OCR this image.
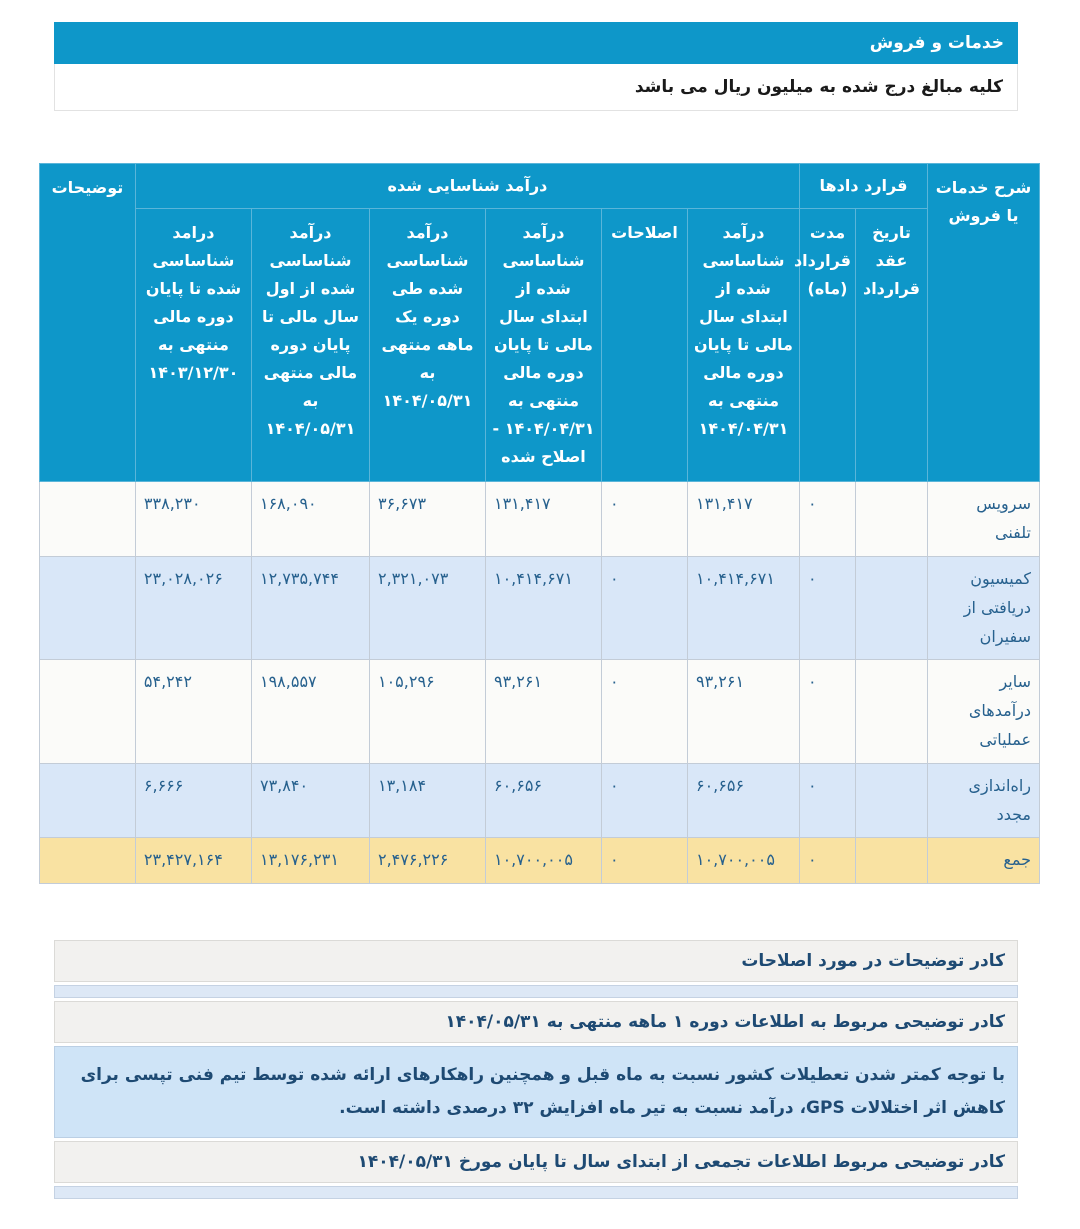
خدمات و فروش
کلیه مبالغ درج شده به میلیون ریال می باشد
شرح خدمات یا فروش	قرارد دادها		درآمد شناسایی شده						توضیحات
	تاریخ عقد قرارداد	مدت قرارداد (ماه)	درآمد شناساسی شده از ابتدای سال مالی تا پایان دوره مالی منتهی به ۱۴۰۴/۰۴/۳۱	اصلاحات	درآمد شناساسی شده از ابتدای سال مالی تا پایان دوره مالی منتهی به ۱۴۰۴/۰۴/۳۱ - اصلاح شده	درآمد شناساسی شده طی دوره یک ماهه منتهی به ۱۴۰۴/۰۵/۳۱	درآمد شناساسی شده از اول سال مالی تا پایان دوره مالی منتهی به ۱۴۰۴/۰۵/۳۱	درامد شناساسی شده تا پایان دوره مالی منتهی به ۱۴۰۳/۱۲/۳۰	
سرویس تلفنی		۰	۱۳۱,۴۱۷	۰	۱۳۱,۴۱۷	۳۶,۶۷۳	۱۶۸,۰۹۰	۳۳۸,۲۳۰	
کمیسیون دریافتی از سفیران		۰	۱۰,۴۱۴,۶۷۱	۰	۱۰,۴۱۴,۶۷۱	۲,۳۲۱,۰۷۳	۱۲,۷۳۵,۷۴۴	۲۳,۰۲۸,۰۲۶	
سایر درآمدهای عملیاتی		۰	۹۳,۲۶۱	۰	۹۳,۲۶۱	۱۰۵,۲۹۶	۱۹۸,۵۵۷	۵۴,۲۴۲	
راه‌اندازی مجدد		۰	۶۰,۶۵۶	۰	۶۰,۶۵۶	۱۳,۱۸۴	۷۳,۸۴۰	۶,۶۶۶	
جمع		۰	۱۰,۷۰۰,۰۰۵	۰	۱۰,۷۰۰,۰۰۵	۲,۴۷۶,۲۲۶	۱۳,۱۷۶,۲۳۱	۲۳,۴۲۷,۱۶۴	
کادر توضیحات در مورد اصلاحات
کادر توضیحی مربوط به اطلاعات دوره ۱ ماهه منتهی به ۱۴۰۴/۰۵/۳۱
با توجه کمتر شدن تعطیلات کشور نسبت به ماه قبل و همچنین راهکارهای ارائه شده توسط تیم فنی تپسی برای کاهش اثر اختلالات GPS، درآمد نسبت به تیر ماه افزایش ۳۲ درصدی داشته است.
کادر توضیحی مربوط اطلاعات تجمعی از ابتدای سال تا پایان مورخ ۱۴۰۴/۰۵/۳۱
